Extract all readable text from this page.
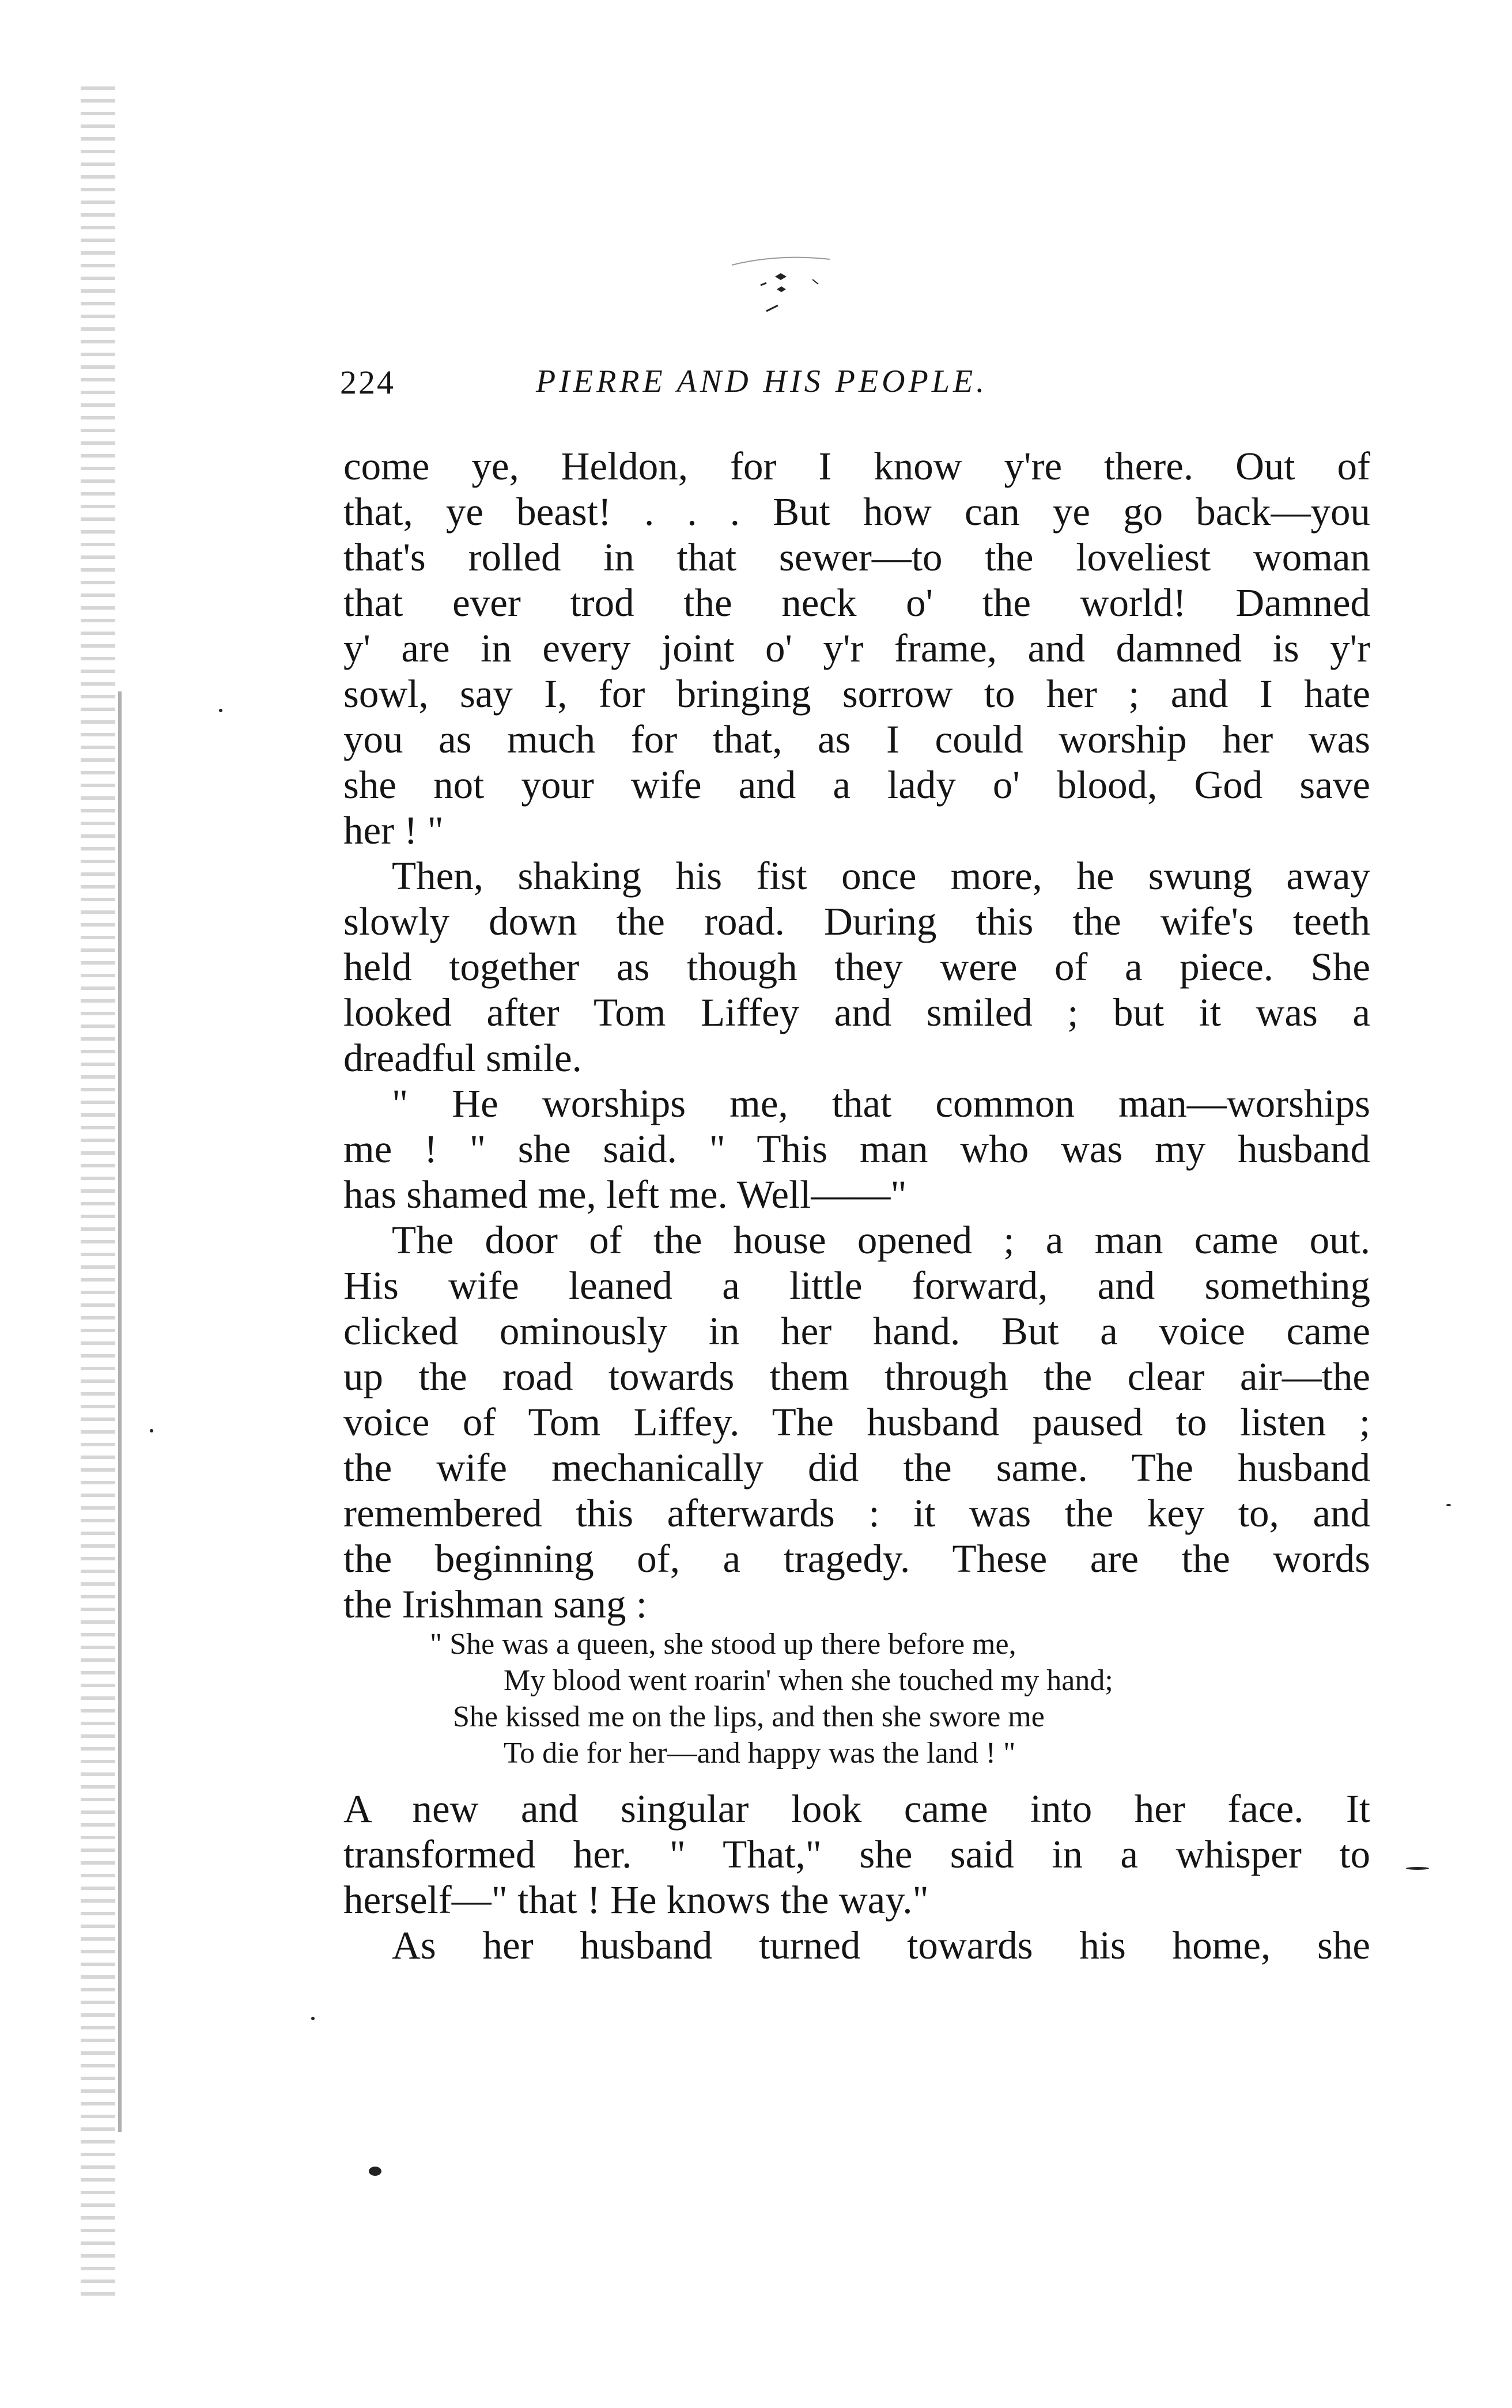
224	PIERRE AND HIS PEOPLE.
come ye, Heldon, for I know y're there. Out of
that, ye beast! . . . But how can ye go back—you
that's rolled in that sewer—to the loveliest woman
that ever trod the neck o' the world! Damned
y' are in every joint o' y'r frame, and damned is y'r
sowl, say I, for bringing sorrow to her ; and I hate
you as much for that, as I could worship her was
she not your wife and a lady o' blood, God save
her ! "
Then, shaking his fist once more, he swung away
slowly down the road. During this the wife's teeth
held together as though they were of a piece. She
looked after Tom Liffey and smiled ; but it was a
dreadful smile.
" He worships me, that common man—worships
me ! " she said. " This man who was my husband
has shamed me, left me. Well——"
The door of the house opened ; a man came out.
His wife leaned a little forward, and something
clicked ominously in her hand. But a voice came
up the road towards them through the clear air—the
voice of Tom Liffey. The husband paused to listen ;
the wife mechanically did the same. The husband
remembered this afterwards : it was the key to, and
the beginning of, a tragedy. These are the words
the Irishman sang :
" She was a queen, she stood up there before me,
My blood went roarin' when she touched my hand;
She kissed me on the lips, and then she swore me
To die for her—and happy was the land ! "
A new and singular look came into her face. It
transformed her. " That," she said in a whisper to
herself—" that ! He knows the way."
As her husband turned towards his home, she
